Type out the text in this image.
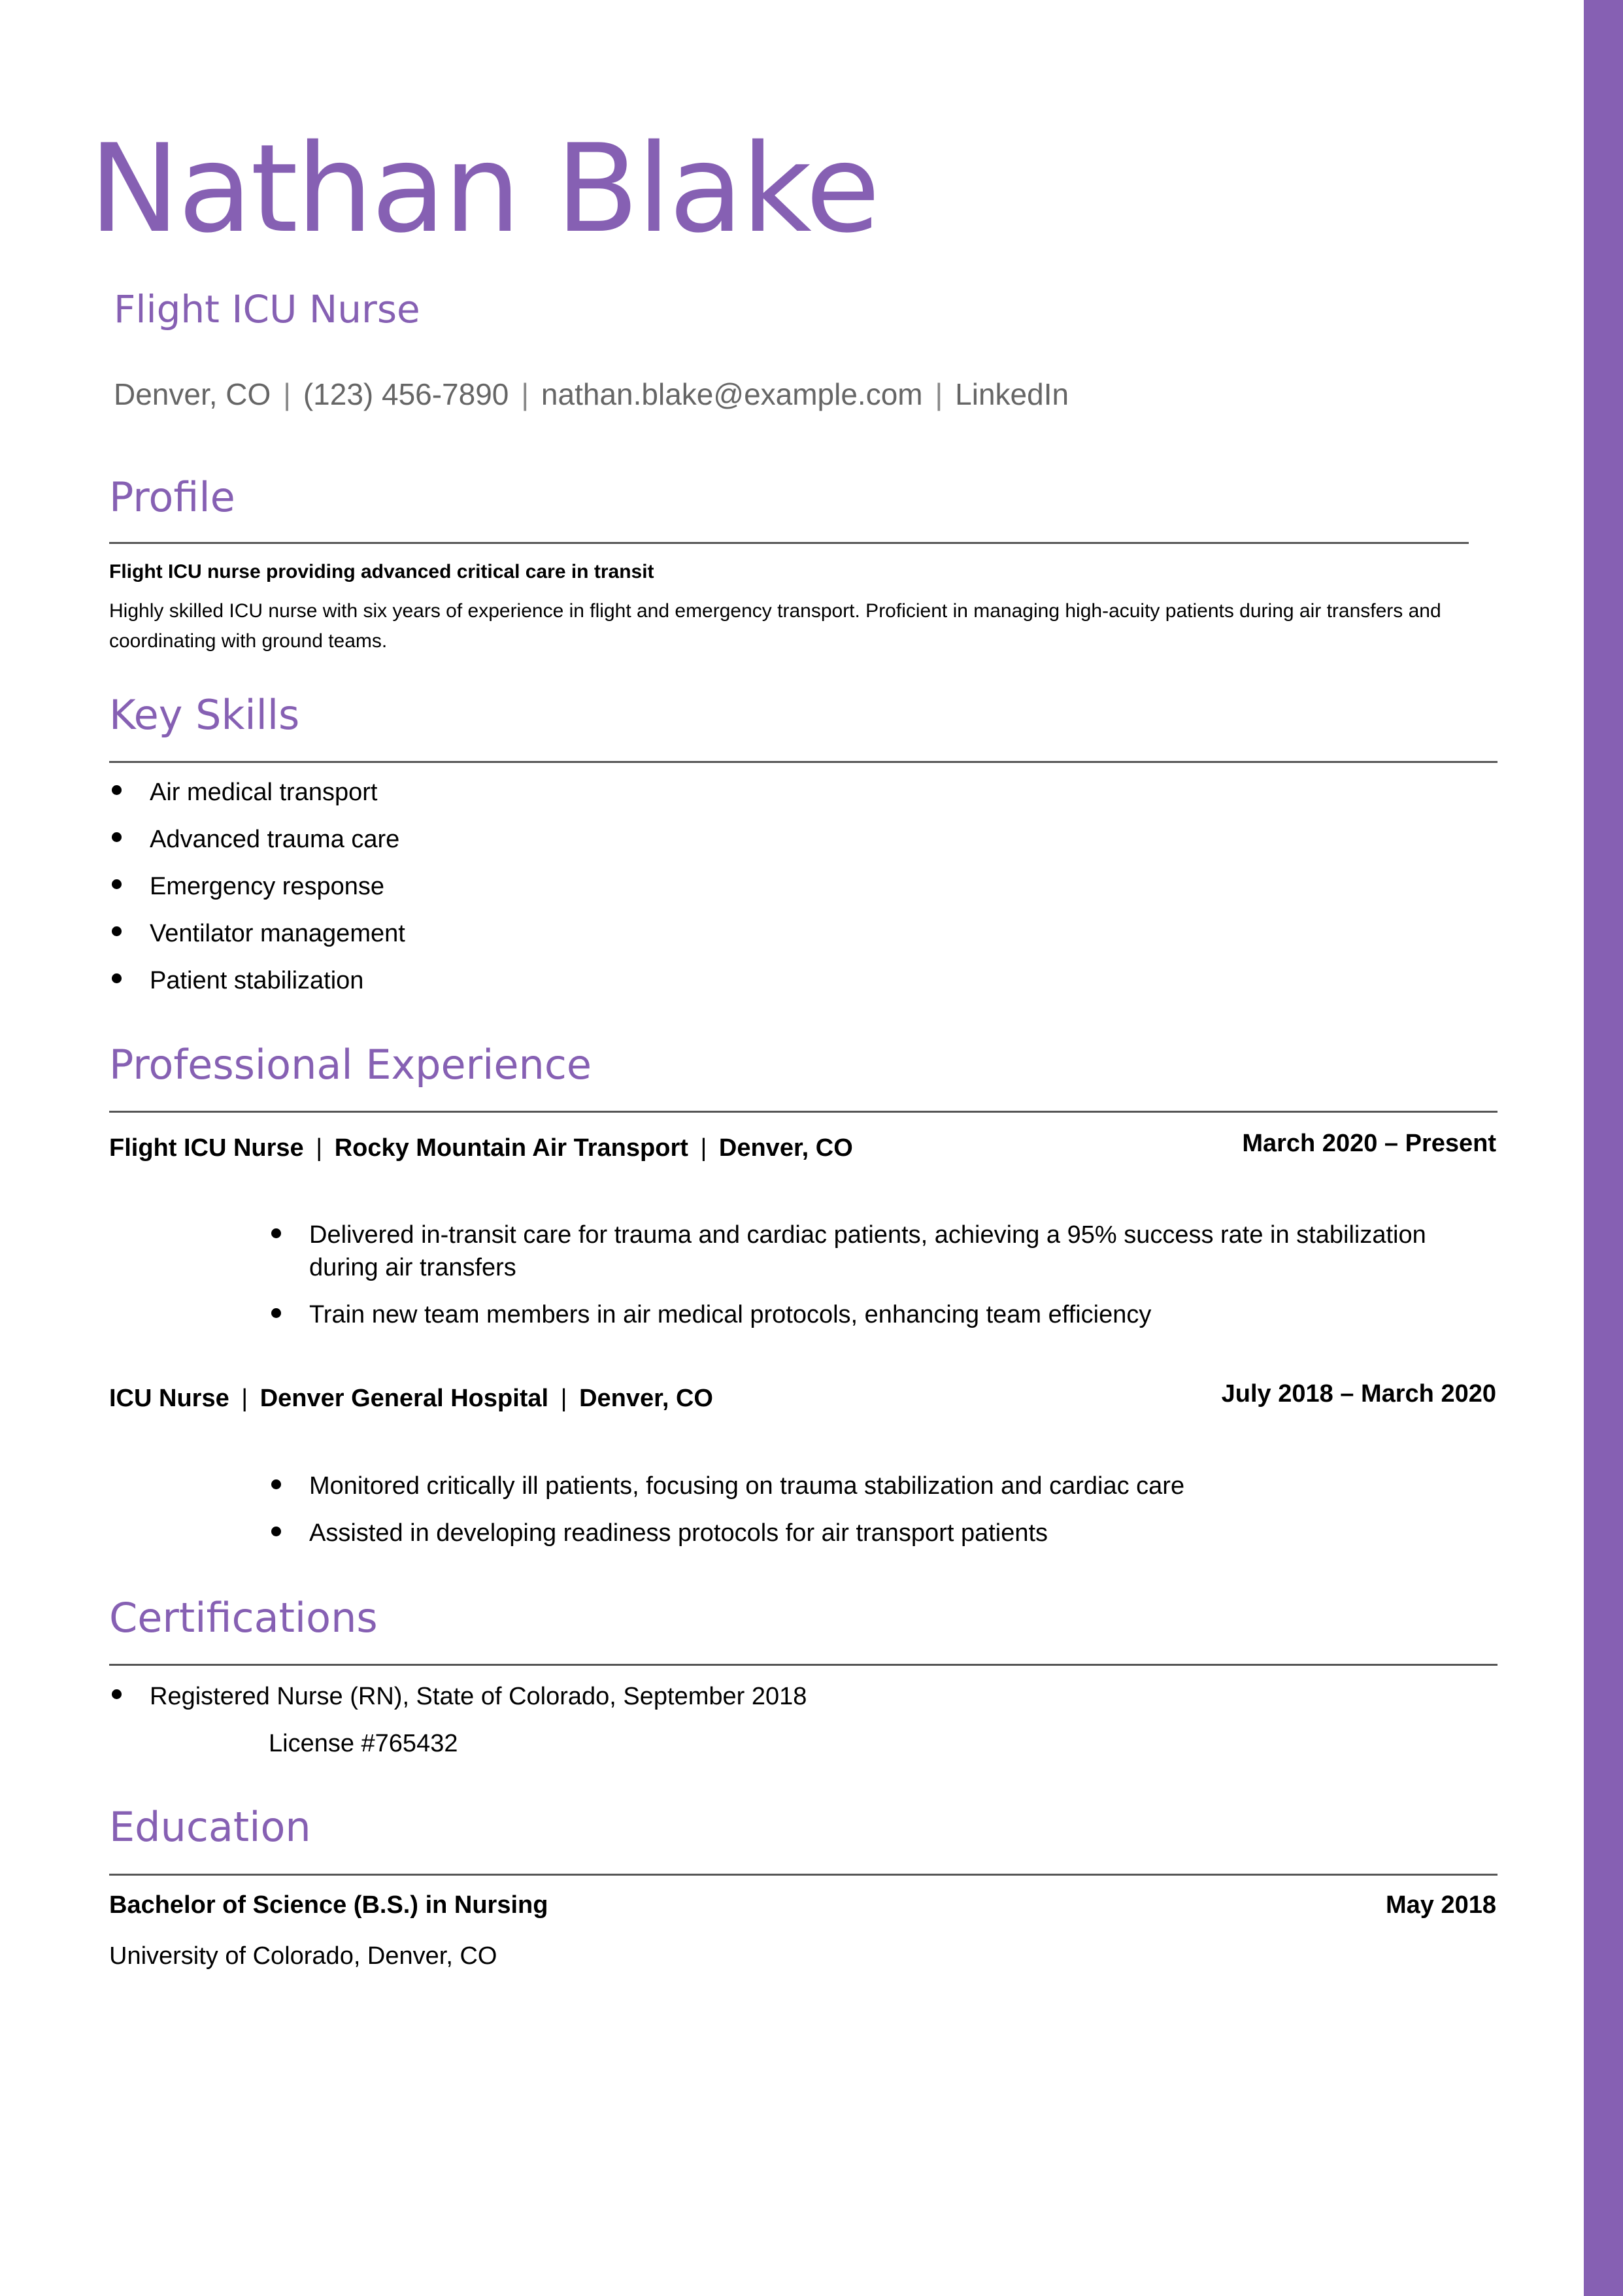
Nathan Blake
Flight ICU Nurse
Denver, CO | (123) 456-7890 | nathan.blake@example.com | LinkedIn
Profile
Flight ICU nurse providing advanced critical care in transit
Highly skilled ICU nurse with six years of experience in flight and emergency transport. Proficient in managing high-acuity patients during air transfers and coordinating with ground teams.
Key Skills
Air medical transport
Advanced trauma care
Emergency response
Ventilator management
Patient stabilization
Professional Experience
Flight ICU Nurse | Rocky Mountain Air Transport | Denver, CO	March 2020 – Present
Delivered in-transit care for trauma and cardiac patients, achieving a 95% success rate in stabilization during air transfers
Train new team members in air medical protocols, enhancing team efficiency
ICU Nurse | Denver General Hospital | Denver, CO	July 2018 – March 2020
Monitored critically ill patients, focusing on trauma stabilization and cardiac care
Assisted in developing readiness protocols for air transport patients
Certifications
Registered Nurse (RN), State of Colorado, September 2018
License #765432
Education
Bachelor of Science (B.S.) in Nursing	May 2018
University of Colorado, Denver, CO
